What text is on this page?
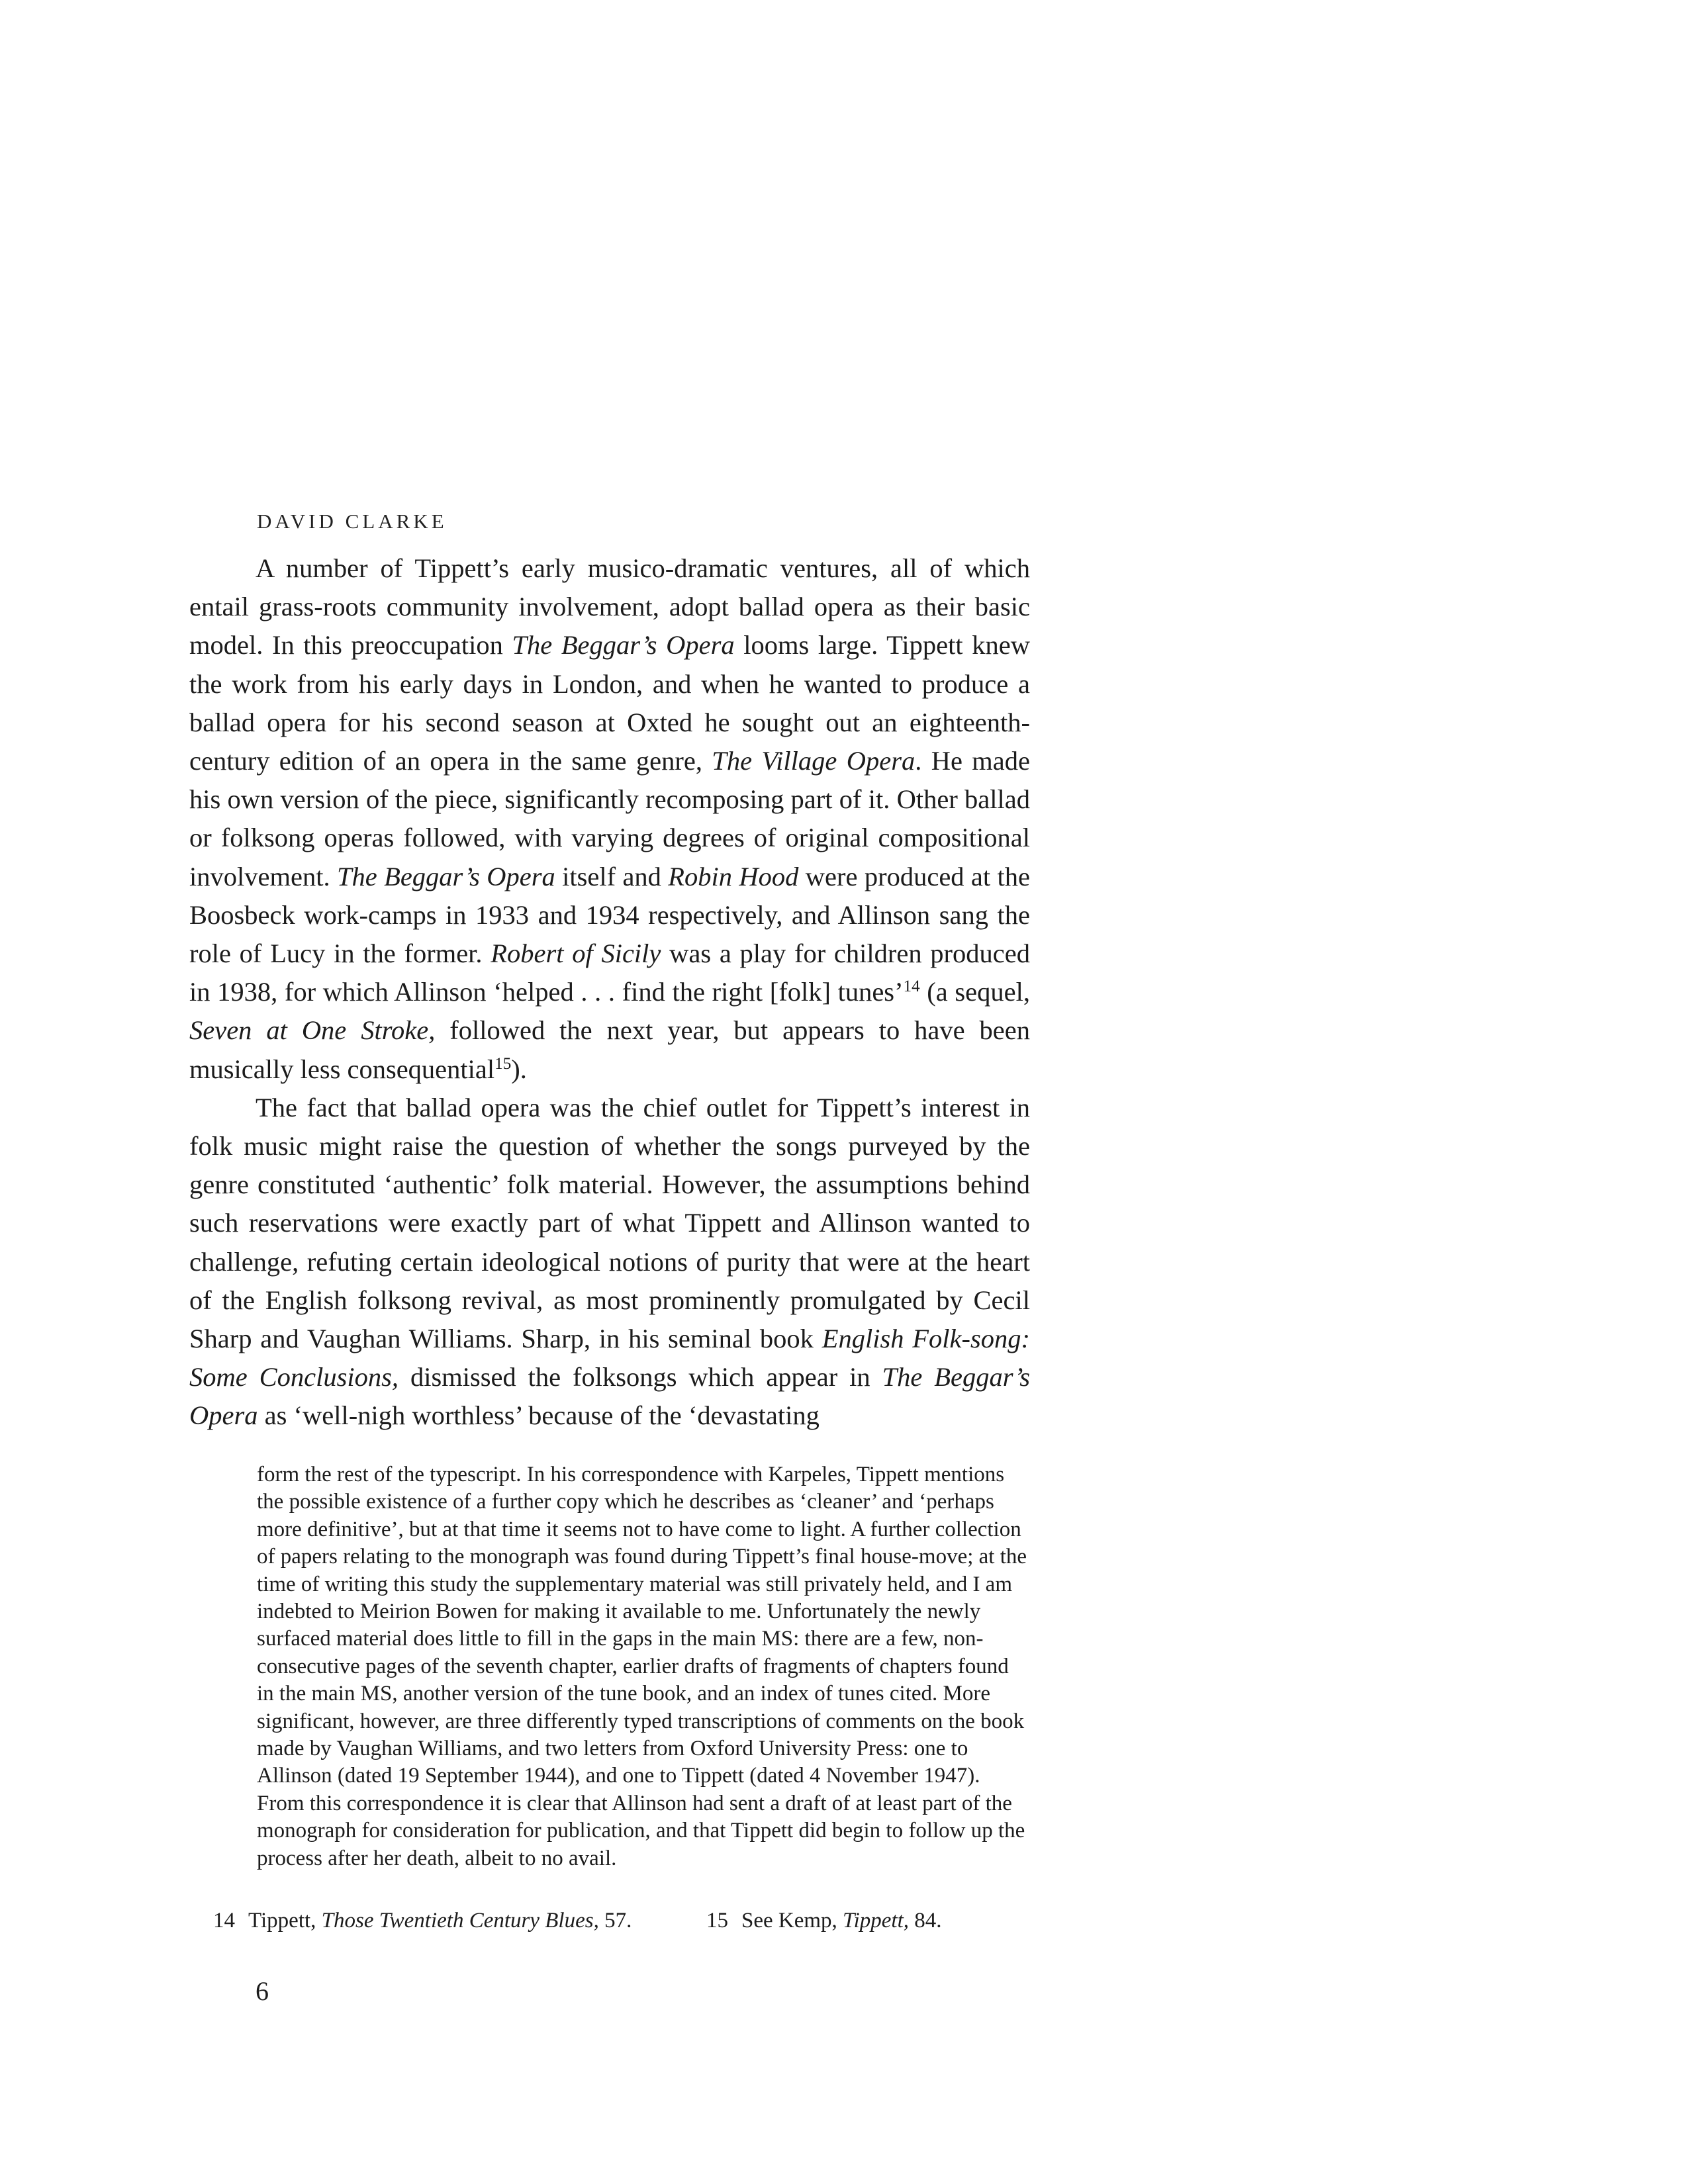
DAVID CLARKE

A number of Tippett’s early musico-dramatic ventures, all of which entail grass-roots community involvement, adopt ballad opera as their basic model. In this preoccupation The Beggar’s Opera looms large. Tippett knew the work from his early days in London, and when he wanted to produce a ballad opera for his second season at Oxted he sought out an eighteenth-century edition of an opera in the same genre, The Village Opera. He made his own version of the piece, significantly recomposing part of it. Other ballad or folksong operas followed, with varying degrees of original compositional involvement. The Beggar’s Opera itself and Robin Hood were produced at the Boosbeck work-camps in 1933 and 1934 respectively, and Allinson sang the role of Lucy in the former. Robert of Sicily was a play for children produced in 1938, for which Allinson ‘helped . . . find the right [folk] tunes’$^{14}$ (a sequel, Seven at One Stroke, followed the next year, but appears to have been musically less consequential$^{15}$).

The fact that ballad opera was the chief outlet for Tippett’s interest in folk music might raise the question of whether the songs purveyed by the genre constituted ‘authentic’ folk material. However, the assumptions behind such reservations were exactly part of what Tippett and Allinson wanted to challenge, refuting certain ideological notions of purity that were at the heart of the English folksong revival, as most prominently promulgated by Cecil Sharp and Vaughan Williams. Sharp, in his seminal book English Folk-song: Some Conclusions, dismissed the folksongs which appear in The Beggar’s Opera as ‘well-nigh worthless’ because of the ‘devastating

form the rest of the typescript. In his correspondence with Karpeles, Tippett mentions the possible existence of a further copy which he describes as ‘cleaner’ and ‘perhaps more definitive’, but at that time it seems not to have come to light. A further collection of papers relating to the monograph was found during Tippett’s final house-move; at the time of writing this study the supplementary material was still privately held, and I am indebted to Meirion Bowen for making it available to me. Unfortunately the newly surfaced material does little to fill in the gaps in the main MS: there are a few, non-consecutive pages of the seventh chapter, earlier drafts of fragments of chapters found in the main MS, another version of the tune book, and an index of tunes cited. More significant, however, are three differently typed transcriptions of comments on the book made by Vaughan Williams, and two letters from Oxford University Press: one to Allinson (dated 19 September 1944), and one to Tippett (dated 4 November 1947). From this correspondence it is clear that Allinson had sent a draft of at least part of the monograph for consideration for publication, and that Tippett did begin to follow up the process after her death, albeit to no avail.

14 Tippett, Those Twentieth Century Blues, 57.	15 See Kemp, Tippett, 84.
6
